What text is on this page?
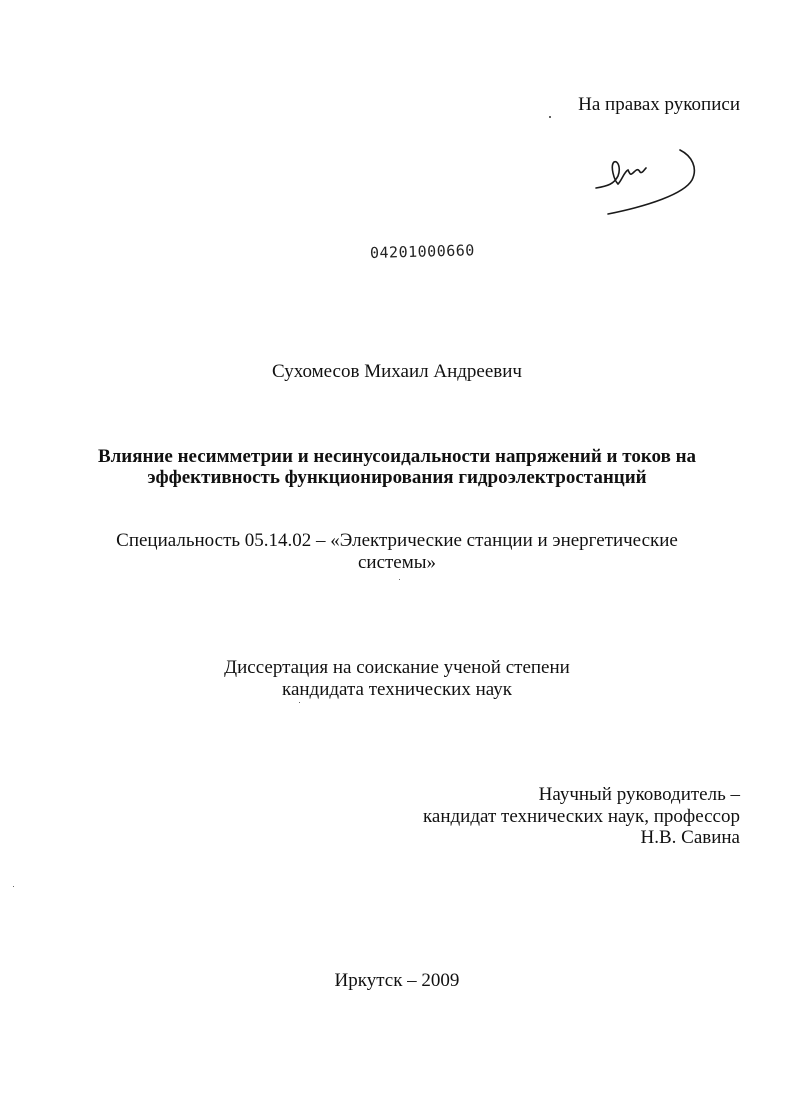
На правах рукописи
04201000660
Сухомесов Михаил Андреевич
Влияние несимметрии и несинусоидальности напряжений и токов на
эффективность функционирования гидроэлектростанций
Специальность 05.14.02 – «Электрические станции и энергетические
системы»
Диссертация на соискание ученой степени
кандидата технических наук
Научный руководитель –
кандидат технических наук, профессор
Н.В. Савина
Иркутск – 2009
